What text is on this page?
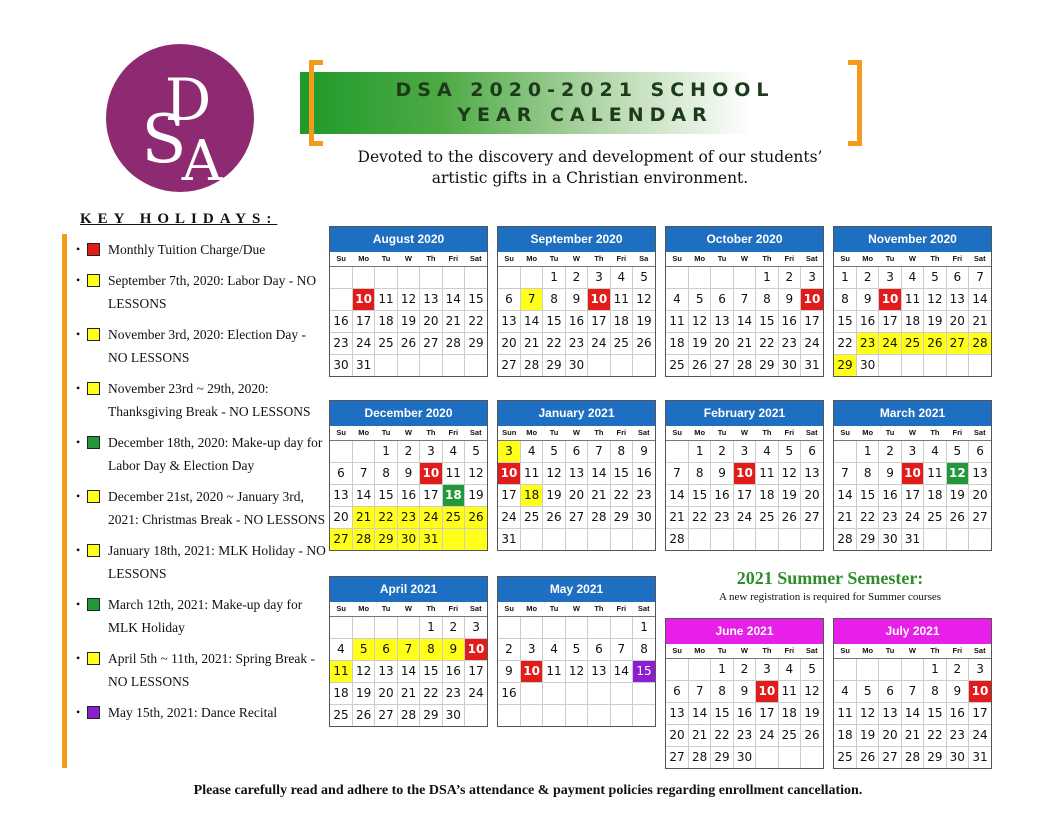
D
S
A
DSA 2020-2021 SCHOOL
YEAR CALENDAR
Devoted to the discovery and development of our students’
artistic gifts in a Christian environment.
KEY HOLIDAYS:
• Monthly Tuition Charge/Due
• September 7th, 2020: Labor Day - NO LESSONS
• November 3rd, 2020: Election Day - NO LESSONS
• November 23rd ~ 29th, 2020: Thanksgiving Break - NO LESSONS
• December 18th, 2020: Make-up day for Labor Day & Election Day
• December 21st, 2020 ~ January 3rd, 2021: Christmas Break - NO LESSONS
• January 18th, 2021: MLK Holiday - NO LESSONS
• March 12th, 2021: Make-up day for MLK Holiday
• April 5th ~ 11th, 2021: Spring Break - NO LESSONS
• May 15th, 2021: Dance Recital
August 2020
Su	Mo	Tu	W	Th	Fri	Sat

	10	11	12	13	14	15
16	17	18	19	20	21	22
23	24	25	26	27	28	29
30	31					
September 2020
Su	Mo	Tu	W	Th	Fri	Sa
		1	2	3	4	5
6	7	8	9	10	11	12
13	14	15	16	17	18	19
20	21	22	23	24	25	26
27	28	29	30			
October 2020
Su	Mo	Tu	W	Th	Fri	Sat
				1	2	3
4	5	6	7	8	9	10
11	12	13	14	15	16	17
18	19	20	21	22	23	24
25	26	27	28	29	30	31
November 2020
Su	Mo	Tu	W	Th	Fri	Sat
1	2	3	4	5	6	7
8	9	10	11	12	13	14
15	16	17	18	19	20	21
22	23	24	25	26	27	28
29	30					
December 2020
Su	Mo	Tu	W	Th	Fri	Sat
		1	2	3	4	5
6	7	8	9	10	11	12
13	14	15	16	17	18	19
20	21	22	23	24	25	26
27	28	29	30	31		
January 2021
Sun	Mo	Tu	W	Th	Fri	Sat
3	4	5	6	7	8	9
10	11	12	13	14	15	16
17	18	19	20	21	22	23
24	25	26	27	28	29	30
31						
February 2021
Su	Mo	Tu	W	Th	Fri	Sat
	1	2	3	4	5	6
7	8	9	10	11	12	13
14	15	16	17	18	19	20
21	22	23	24	25	26	27
28						
March 2021
Su	Mo	Tu	W	Th	Fri	Sat
	1	2	3	4	5	6
7	8	9	10	11	12	13
14	15	16	17	18	19	20
21	22	23	24	25	26	27
28	29	30	31			
April 2021
Su	Mo	Tu	W	Th	Fri	Sat
				1	2	3
4	5	6	7	8	9	10
11	12	13	14	15	16	17
18	19	20	21	22	23	24
25	26	27	28	29	30	
May 2021
Su	Mo	Tu	W	Th	Fri	Sat
						1
2	3	4	5	6	7	8
9	10	11	12	13	14	15
16						

June 2021
Su	Mo	Tu	W	Th	Fri	Sat
		1	2	3	4	5
6	7	8	9	10	11	12
13	14	15	16	17	18	19
20	21	22	23	24	25	26
27	28	29	30			
July 2021
Su	Mo	Tu	W	Th	Fri	Sat
				1	2	3
4	5	6	7	8	9	10
11	12	13	14	15	16	17
18	19	20	21	22	23	24
25	26	27	28	29	30	31
2021 Summer Semester:
A new registration is required for Summer courses
Please carefully read and adhere to the DSA’s attendance & payment policies regarding enrollment cancellation.
